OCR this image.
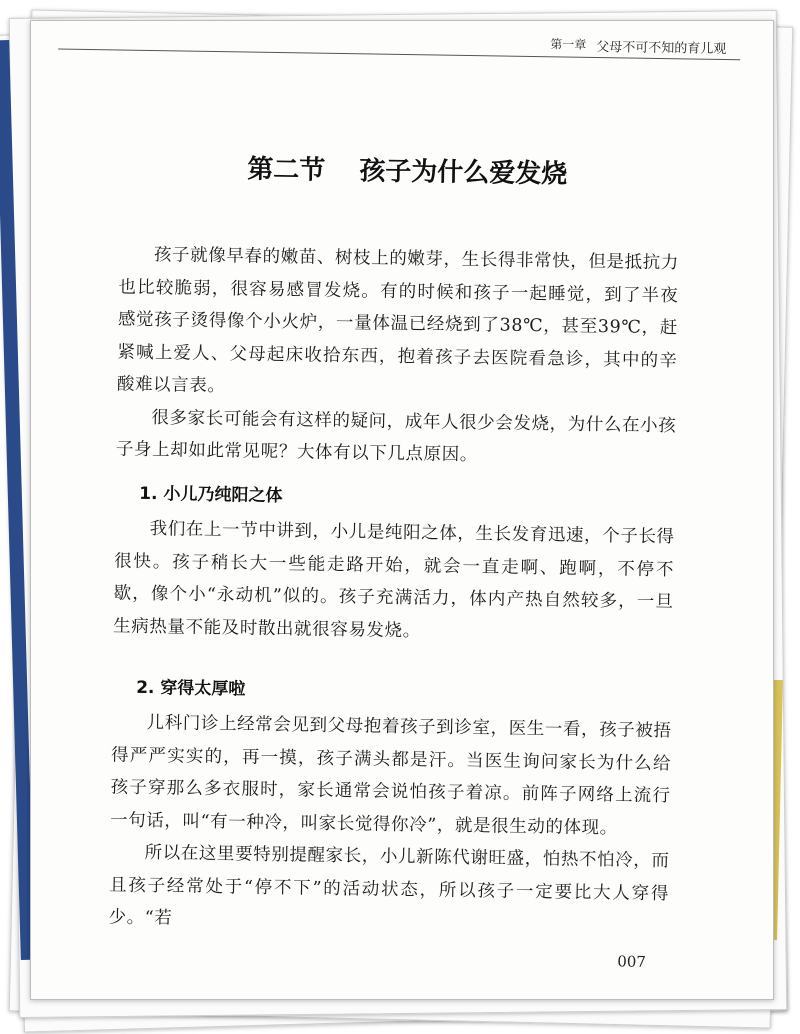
第一章 父母不可不知的育儿观
第二节 孩子为什么爱发烧

孩子就像早春的嫩苗、树枝上的嫩芽，生长得非常快，但是抵抗力也比较脆弱，很容易感冒发烧。有的时候和孩子一起睡觉，到了半夜感觉孩子烫得像个小火炉，一量体温已经烧到了38℃，甚至39℃，赶紧喊上爱人、父母起床收拾东西，抱着孩子去医院看急诊，其中的辛酸难以言表。

很多家长可能会有这样的疑问，成年人很少会发烧，为什么在小孩子身上却如此常见呢？大体有以下几点原因。

1. 小儿乃纯阳之体

我们在上一节中讲到，小儿是纯阳之体，生长发育迅速，个子长得很快。孩子稍长大一些能走路开始，就会一直走啊、跑啊，不停不歇，像个小“永动机”似的。孩子充满活力，体内产热自然较多，一旦生病热量不能及时散出就很容易发烧。

2. 穿得太厚啦

儿科门诊上经常会见到父母抱着孩子到诊室，医生一看，孩子被捂得严严实实的，再一摸，孩子满头都是汗。当医生询问家长为什么给孩子穿那么多衣服时，家长通常会说怕孩子着凉。前阵子网络上流行一句话，叫“有一种冷，叫家长觉得你冷”，就是很生动的体现。

所以在这里要特别提醒家长，小儿新陈代谢旺盛，怕热不怕冷，而且孩子经常处于“停不下”的活动状态，所以孩子一定要比大人穿得少。“若

007
